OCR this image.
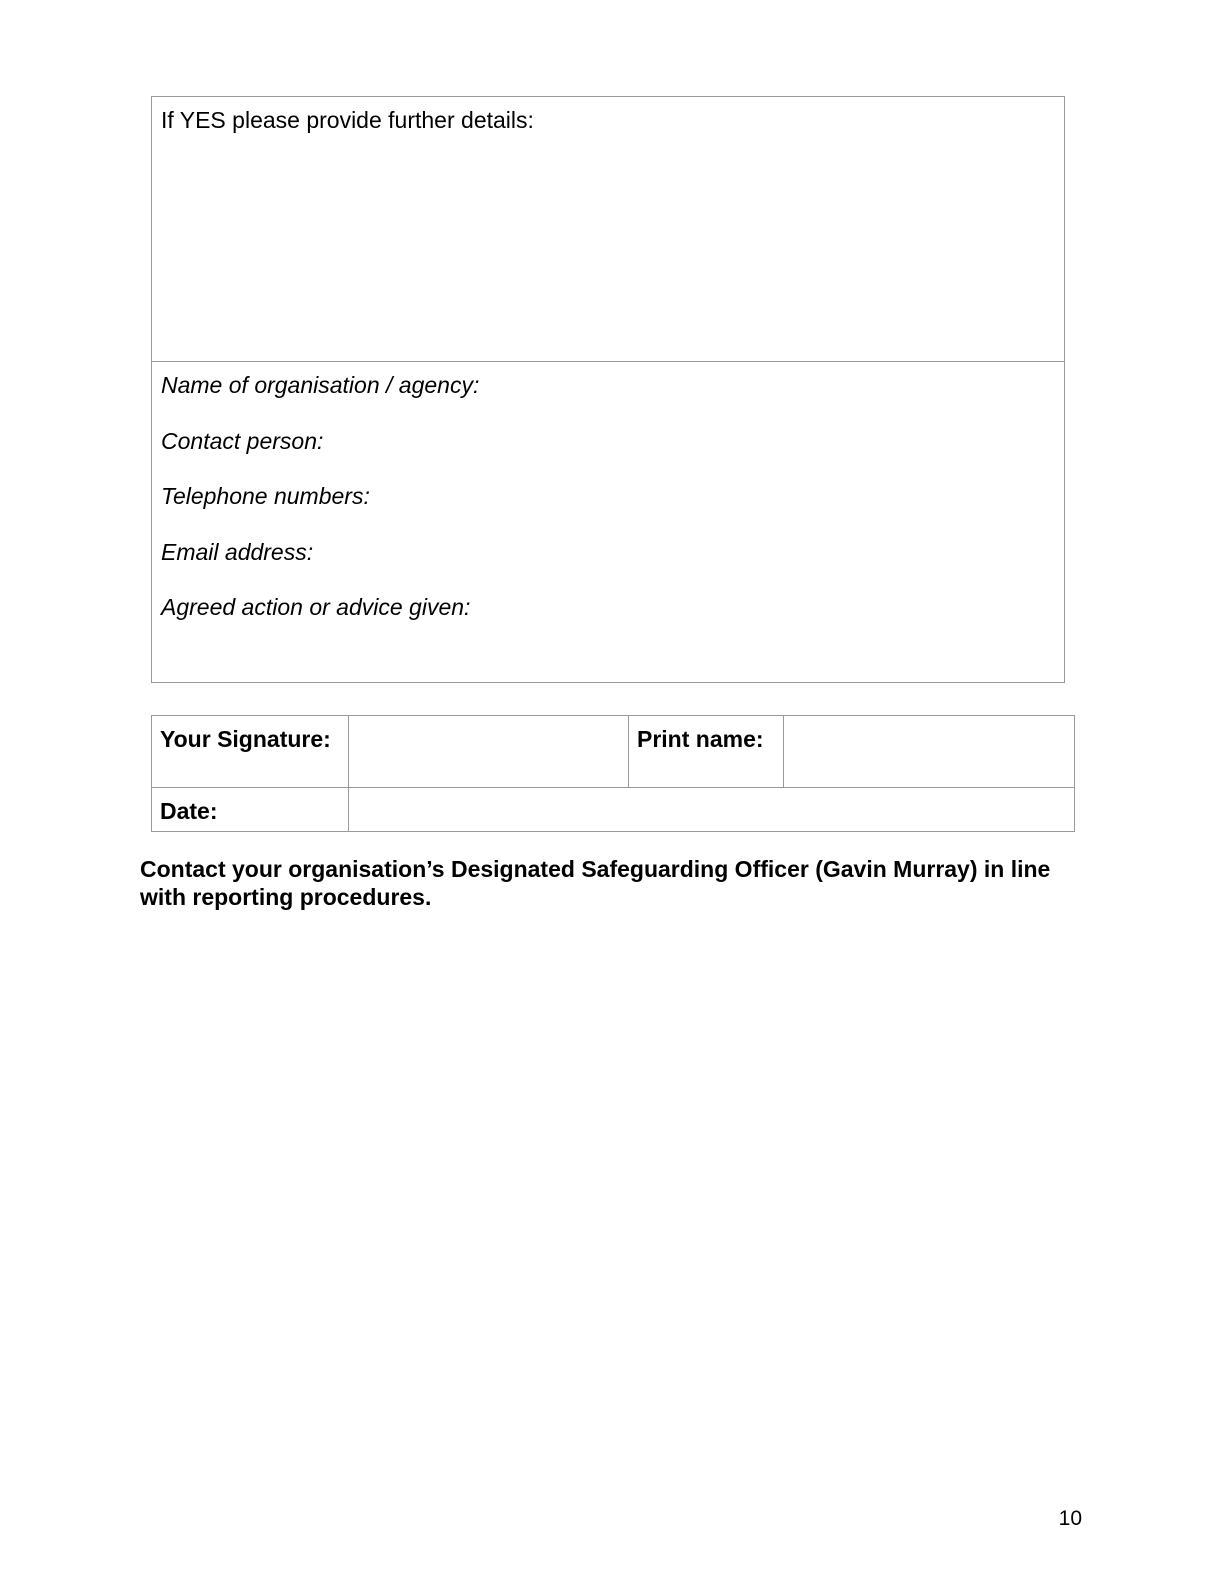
If YES please provide further details:
Name of organisation / agency:
Contact person:
Telephone numbers:
Email address:
Agreed action or advice given:
Your Signature:		Print name:	
Date:			
Contact your organisation’s Designated Safeguarding Officer (Gavin Murray) in line with reporting procedures.
10
